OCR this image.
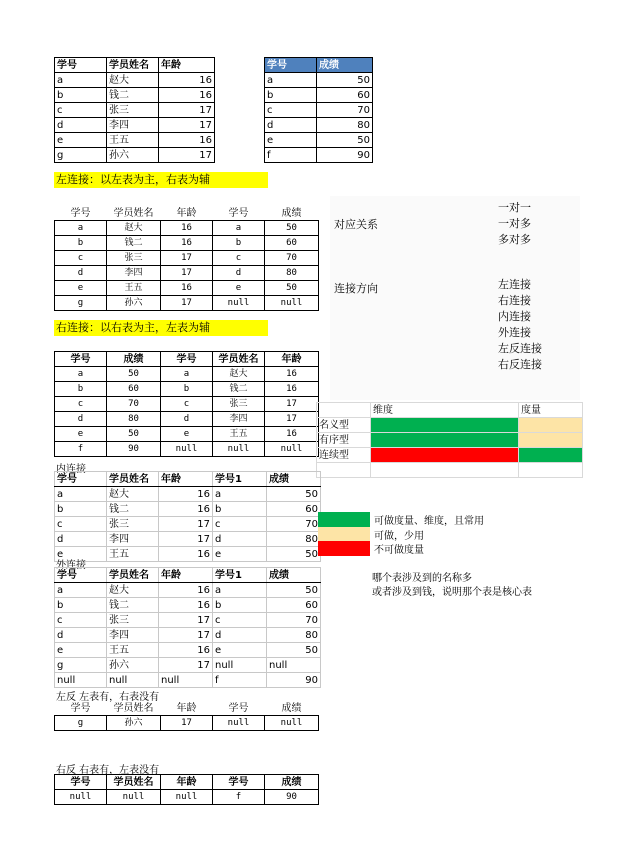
学号	学员姓名	年龄
a	赵大	16
b	钱二	16
c	张三	17
d	李四	17
e	王五	16
g	孙六	17
学号	成绩
a	50
b	60
c	70
d	80
e	50
f	90
左连接：以左表为主，右表为辅
学号	学员姓名	年龄	学号	成绩
a	赵大	16	a	50
b	钱二	16	b	60
c	张三	17	c	70
d	李四	17	d	80
e	王五	16	e	50
g	孙六	17	null	null
对应关系
一对一
一对多
多对多
连接方向	左连接
右连接
内连接
外连接
左反连接
右反连接
右连接：以右表为主，左表为辅
学号	成绩	学号	学员姓名	年龄
a	50	a	赵大	16
b	60	b	钱二	16
c	70	c	张三	17
d	80	d	李四	17
e	50	e	王五	16
f	90	null	null	null
	维度	度量
名义型		
有序型		
连续型		

内连接
学号	学员姓名	年龄	学号1	成绩
a	赵大	16	a	50
b	钱二	16	b	60
c	张三	17	c	70
d	李四	17	d	80
e	王五	16	e	50
可做度量、维度，且常用
可做，少用
不可做度量
哪个表涉及到的名称多
或者涉及到钱，说明那个表是核心表
外连接
学号	学员姓名	年龄	学号1	成绩
a	赵大	16	a	50
b	钱二	16	b	60
c	张三	17	c	70
d	李四	17	d	80
e	王五	16	e	50
g	孙六	17	null	null
null	null	null	f	90
左反 左表有，右表没有
学号	学员姓名	年龄	学号	成绩
g	孙六	17	null	null
右反 右表有，左表没有
学号	学员姓名	年龄	学号	成绩
null	null	null	f	90
